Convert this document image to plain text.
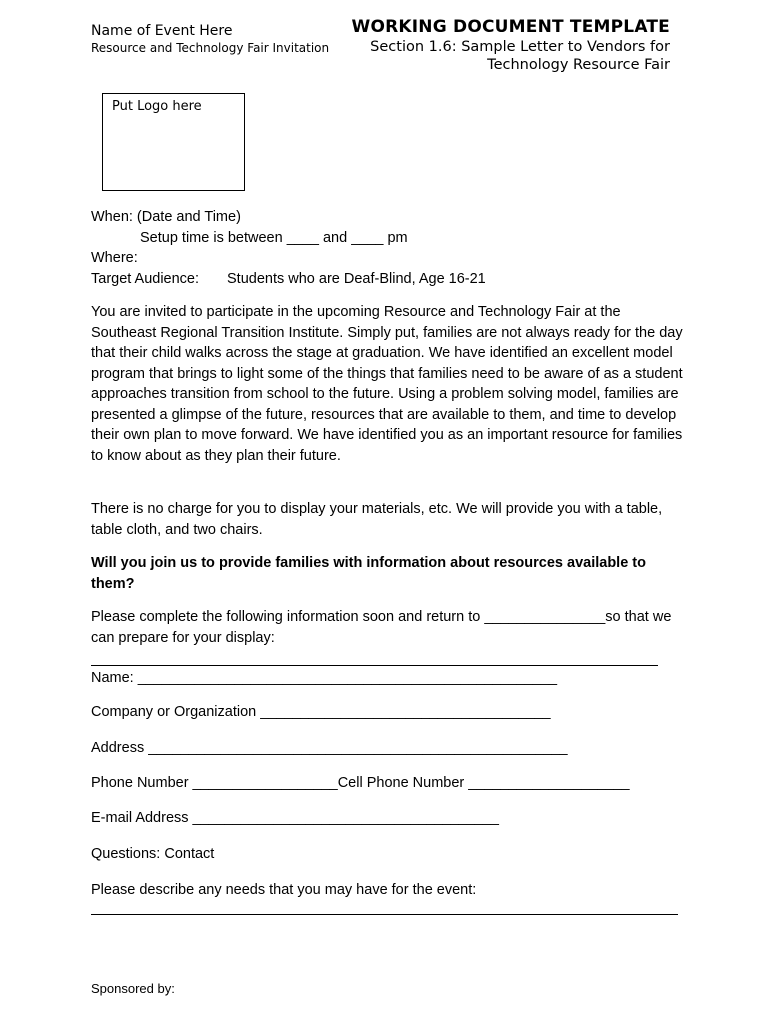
Name of Event Here
Resource and Technology Fair Invitation
WORKING DOCUMENT TEMPLATE
Section 1.6: Sample Letter to Vendors for
Technology Resource Fair
Put Logo here
When: (Date and Time)
Setup time is between ____ and ____ pm
Where:
Target Audience: Students who are Deaf-Blind, Age 16-21
You are invited to participate in the upcoming Resource and Technology Fair at the Southeast Regional Transition Institute. Simply put, families are not always ready for the day that their child walks across the stage at graduation. We have identified an excellent model program that brings to light some of the things that families need to be aware of as a student approaches transition from school to the future. Using a problem solving model, families are presented a glimpse of the future, resources that are available to them, and time to develop their own plan to move forward. We have identified you as an important resource for families to know about as they plan their future.
There is no charge for you to display your materials, etc. We will provide you with a table, table cloth, and two chairs.
Will you join us to provide families with information about resources available to them?
Please complete the following information soon and return to _______________so that we can prepare for your display:
Name: ____________________________________________________
Company or Organization ____________________________________
Address ____________________________________________________
Phone Number __________________Cell Phone Number ____________________
E-mail Address ______________________________________
Questions: Contact
Please describe any needs that you may have for the event:
Sponsored by:
